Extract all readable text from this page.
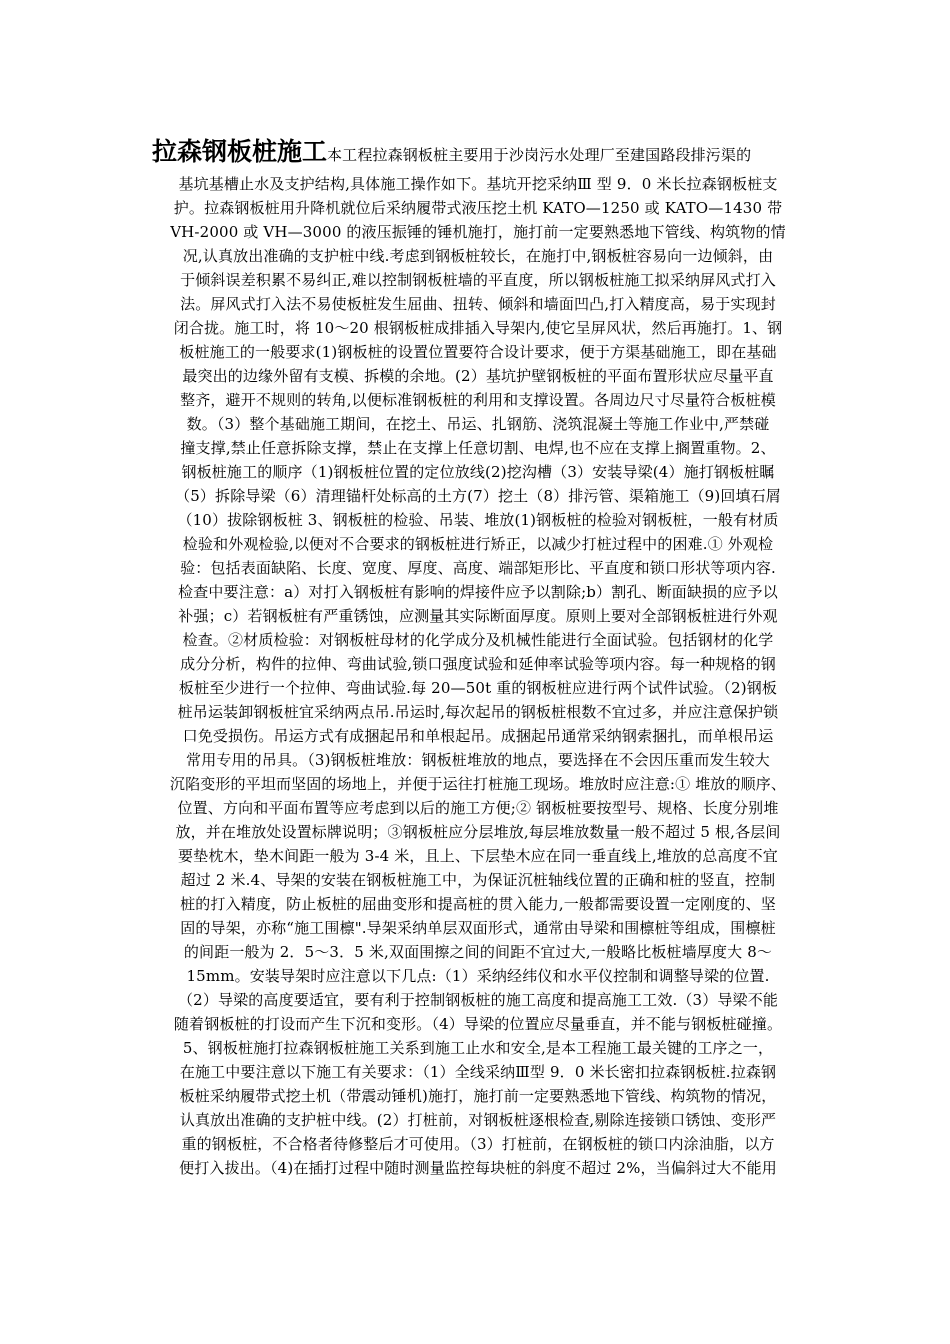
拉森钢板桩施工本工程拉森钢板桩主要用于沙岗污水处理厂至建国路段排污渠的
基坑基槽止水及支护结构,具体施工操作如下。基坑开挖采纳Ⅲ 型 9．0 米长拉森钢板桩支
护。拉森钢板桩用升降机就位后采纳履带式液压挖土机 KATO—1250 或 KATO—1430 带
VH-2000 或 VH—3000 的液压振锤的锤机施打，施打前一定要熟悉地下管线、构筑物的情
况,认真放出准确的支护桩中线.考虑到钢板桩较长，在施打中,钢板桩容易向一边倾斜，由
于倾斜误差积累不易纠正,难以控制钢板桩墙的平直度，所以钢板桩施工拟采纳屏风式打入
法。屏风式打入法不易使板桩发生屈曲、扭转、倾斜和墙面凹凸,打入精度高，易于实现封
闭合拢。施工时，将 10～20 根钢板桩成排插入导架内,使它呈屏风状，然后再施打。1、钢
板桩施工的一般要求(1)钢板桩的设置位置要符合设计要求，便于方渠基础施工，即在基础
最突出的边缘外留有支模、拆模的余地。(2）基坑护壁钢板桩的平面布置形状应尽量平直
整齐，避开不规则的转角,以便标准钢板桩的利用和支撑设置。各周边尺寸尽量符合板桩模
数。（3）整个基础施工期间，在挖土、吊运、扎钢筋、浇筑混凝土等施工作业中,严禁碰
撞支撑,禁止任意拆除支撑，禁止在支撑上任意切割、电焊,也不应在支撑上搁置重物。2、
钢板桩施工的顺序（1)钢板桩位置的定位放线(2)挖沟槽（3）安装导梁(4）施打钢板桩瞩
（5）拆除导梁（6）清理锚杆处标高的土方(7）挖土（8）排污管、渠箱施工（9)回填石屑
（10）拔除钢板桩 3、钢板桩的检验、吊装、堆放(1)钢板桩的检验对钢板桩，一般有材质
检验和外观检验,以便对不合要求的钢板桩进行矫正，以减少打桩过程中的困难.① 外观检
验：包括表面缺陷、长度、宽度、厚度、高度、端部矩形比、平直度和锁口形状等项内容.
检查中要注意：a）对打入钢板桩有影响的焊接件应予以割除;b）割孔、断面缺损的应予以
补强；c）若钢板桩有严重锈蚀，应测量其实际断面厚度。原则上要对全部钢板桩进行外观
检查。②材质检验：对钢板桩母材的化学成分及机械性能进行全面试验。包括钢材的化学
成分分析，构件的拉伸、弯曲试验,锁口强度试验和延伸率试验等项内容。每一种规格的钢
板桩至少进行一个拉伸、弯曲试验.每 20—50t 重的钢板桩应进行两个试件试验。（2)钢板
桩吊运装卸钢板桩宜采纳两点吊.吊运时,每次起吊的钢板桩根数不宜过多，并应注意保护锁
口免受损伤。吊运方式有成捆起吊和单根起吊。成捆起吊通常采纳钢索捆扎，而单根吊运
常用专用的吊具。（3)钢板桩堆放：钢板桩堆放的地点，要选择在不会因压重而发生较大
沉陷变形的平坦而坚固的场地上，并便于运往打桩施工现场。堆放时应注意:① 堆放的顺序、
位置、方向和平面布置等应考虑到以后的施工方便;② 钢板桩要按型号、规格、长度分别堆
放，并在堆放处设置标牌说明；③钢板桩应分层堆放,每层堆放数量一般不超过 5 根,各层间
要垫枕木，垫木间距一般为 3-4 米，且上、下层垫木应在同一垂直线上,堆放的总高度不宜
超过 2 米.4、导架的安装在钢板桩施工中，为保证沉桩轴线位置的正确和桩的竖直，控制
桩的打入精度，防止板桩的屈曲变形和提高桩的贯入能力,一般都需要设置一定刚度的、坚
固的导架，亦称“施工围檩".导架采纳单层双面形式，通常由导梁和围檩桩等组成，围檩桩
的间距一般为 2．5～3．5 米,双面围擦之间的间距不宜过大,一般略比板桩墙厚度大 8～
15mm。安装导架时应注意以下几点:（1）采纳经纬仪和水平仪控制和调整导梁的位置.
（2）导梁的高度要适宜，要有利于控制钢板桩的施工高度和提高施工工效.（3）导梁不能
随着钢板桩的打设而产生下沉和变形。（4）导梁的位置应尽量垂直，并不能与钢板桩碰撞。
5、钢板桩施打拉森钢板桩施工关系到施工止水和安全,是本工程施工最关键的工序之一，
在施工中要注意以下施工有关要求：（1）全线采纳Ⅲ型 9．0 米长密扣拉森钢板桩.拉森钢
板桩采纳履带式挖土机（带震动锤机)施打，施打前一定要熟悉地下管线、构筑物的情况，
认真放出准确的支护桩中线。(2）打桩前，对钢板桩逐根检查,剔除连接锁口锈蚀、变形严
重的钢板桩，不合格者待修整后才可使用。（3）打桩前，在钢板桩的锁口内涂油脂，以方
便打入拔出。（4)在插打过程中随时测量监控每块桩的斜度不超过 2%，当偏斜过大不能用
